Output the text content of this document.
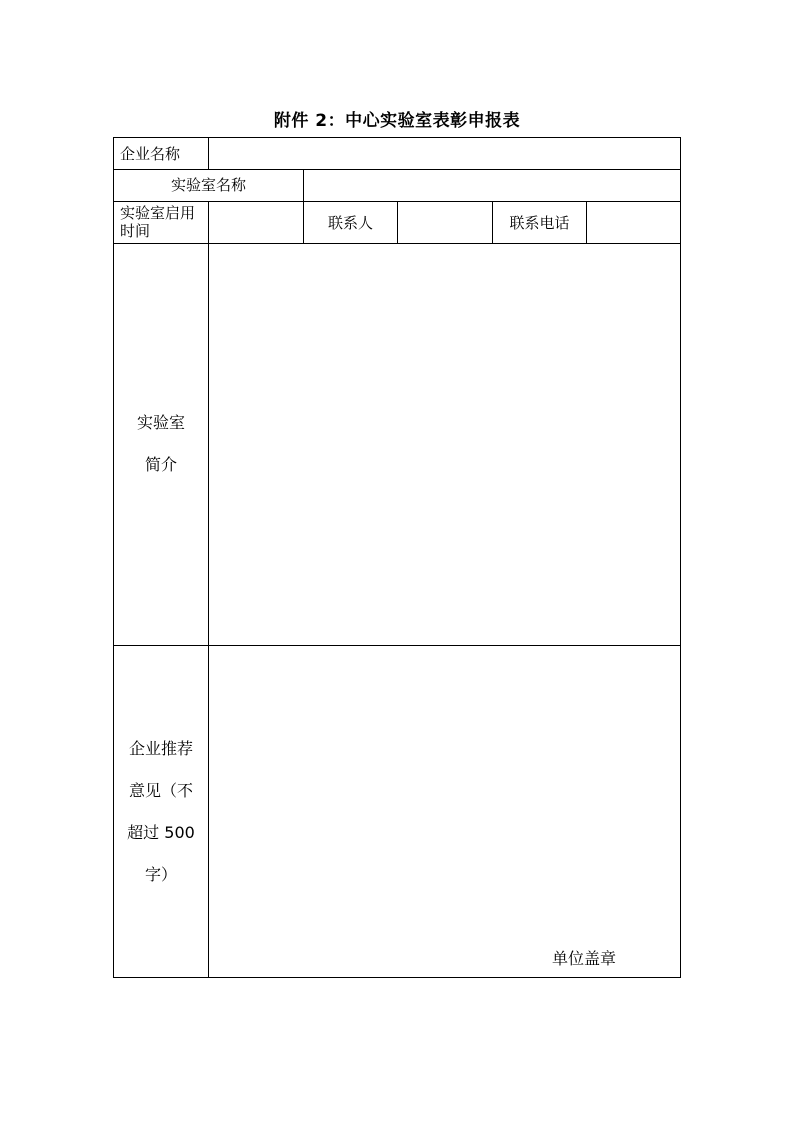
附件 2：中心实验室表彰申报表
企业名称
实验室名称
实验室启用时间	联系人	联系电话
实验室
简介
企业推荐
意见（不
超过 500
字）
单位盖章
